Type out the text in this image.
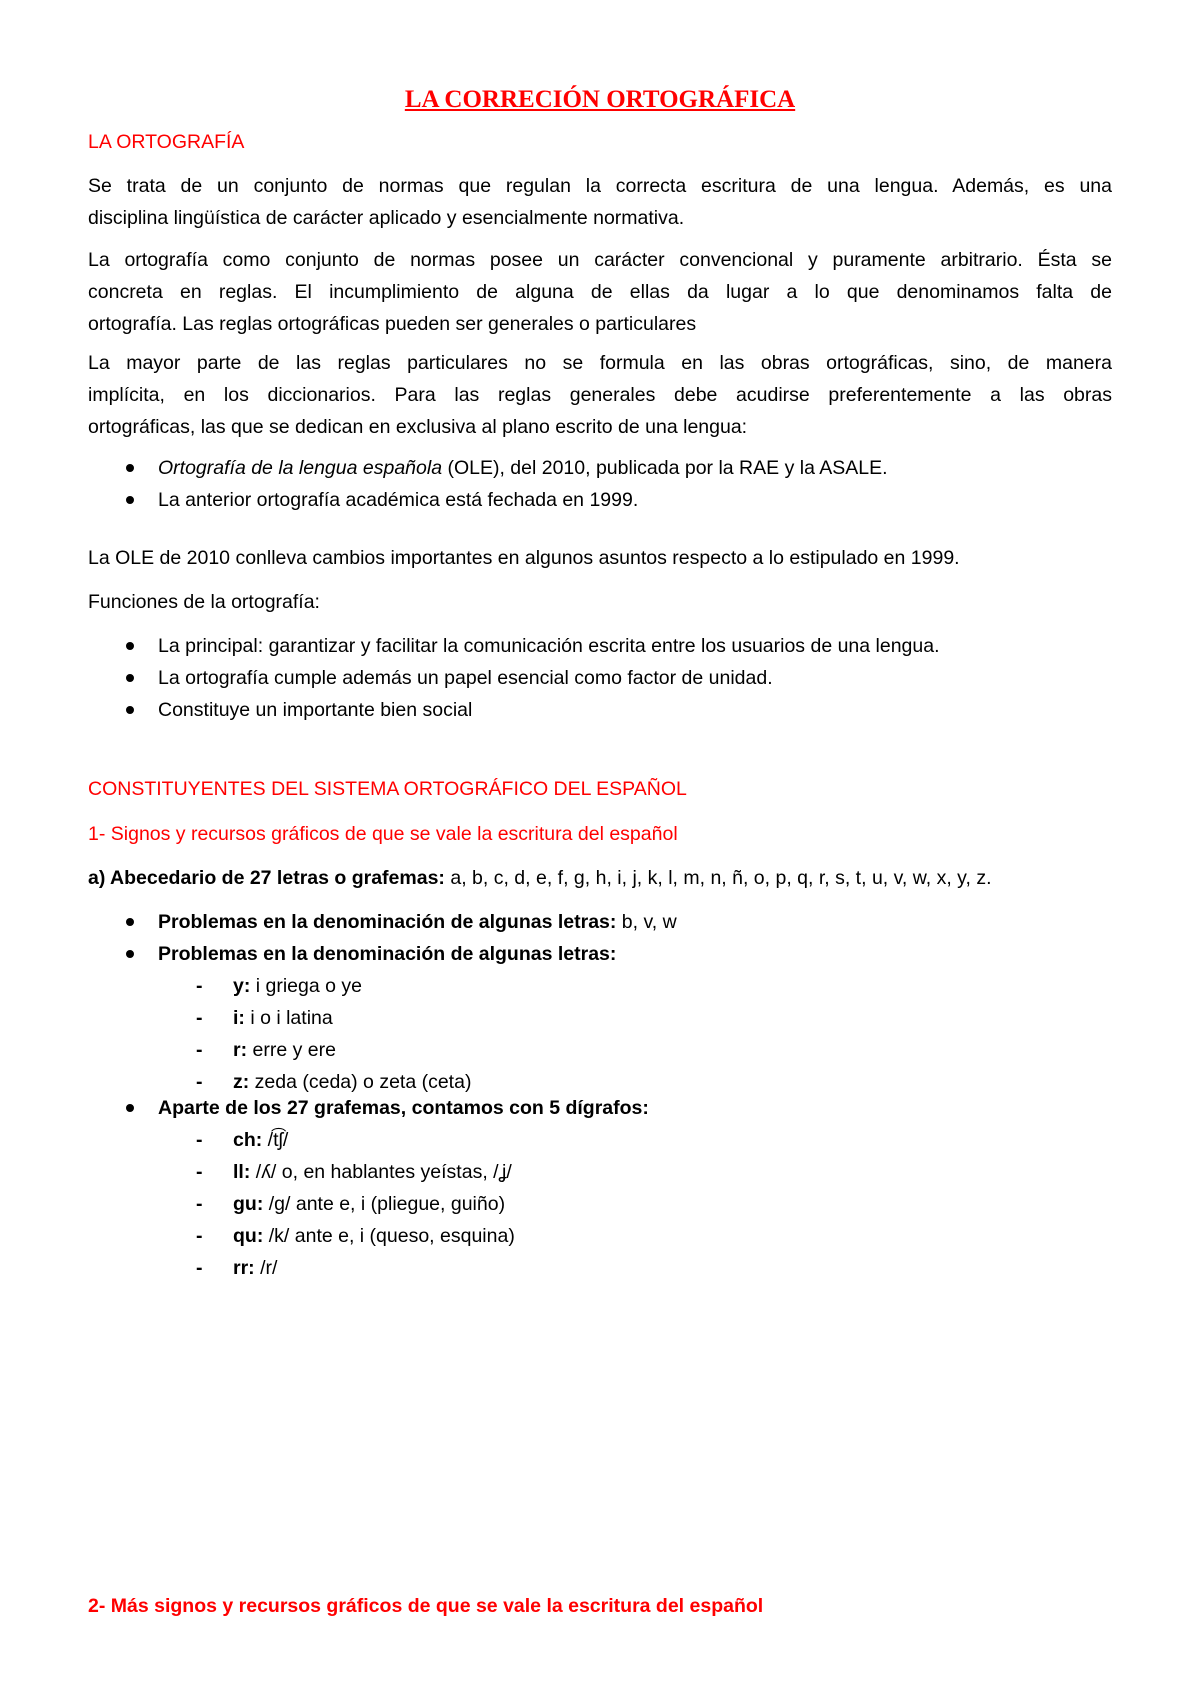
LA CORRECIÓN ORTOGRÁFICA
LA ORTOGRAFÍA
Se trata de un conjunto de normas que regulan la correcta escritura de una lengua. Además, es una
disciplina lingüística de carácter aplicado y esencialmente normativa.
La ortografía como conjunto de normas posee un carácter convencional y puramente arbitrario. Ésta se
concreta en reglas. El incumplimiento de alguna de ellas da lugar a lo que denominamos falta de
ortografía. Las reglas ortográficas pueden ser generales o particulares
La mayor parte de las reglas particulares no se formula en las obras ortográficas, sino, de manera
implícita, en los diccionarios. Para las reglas generales debe acudirse preferentemente a las obras
ortográficas, las que se dedican en exclusiva al plano escrito de una lengua:
Ortografía de la lengua española (OLE), del 2010, publicada por la RAE y la ASALE.
La anterior ortografía académica está fechada en 1999.
La OLE de 2010 conlleva cambios importantes en algunos asuntos respecto a lo estipulado en 1999.
Funciones de la ortografía:
La principal: garantizar y facilitar la comunicación escrita entre los usuarios de una lengua.
La ortografía cumple además un papel esencial como factor de unidad.
Constituye un importante bien social
CONSTITUYENTES DEL SISTEMA ORTOGRÁFICO DEL ESPAÑOL
1- Signos y recursos gráficos de que se vale la escritura del español
a) Abecedario de 27 letras o grafemas: a, b, c, d, e, f, g, h, i, j, k, l, m, n, ñ, o, p, q, r, s, t, u, v, w, x, y, z.
Problemas en la denominación de algunas letras: b, v, w
Problemas en la denominación de algunas letras:
- y: i griega o ye
- i: i o i latina
- r: erre y ere
- z: zeda (ceda) o zeta (ceta)
Aparte de los 27 grafemas, contamos con 5 dígrafos:
- ch: /t͡ʃ/
- ll: /ʎ/ o, en hablantes yeístas, /ʝ/
- gu: /g/ ante e, i (pliegue, guiño)
- qu: /k/ ante e, i (queso, esquina)
- rr: /r/
2- Más signos y recursos gráficos de que se vale la escritura del español
